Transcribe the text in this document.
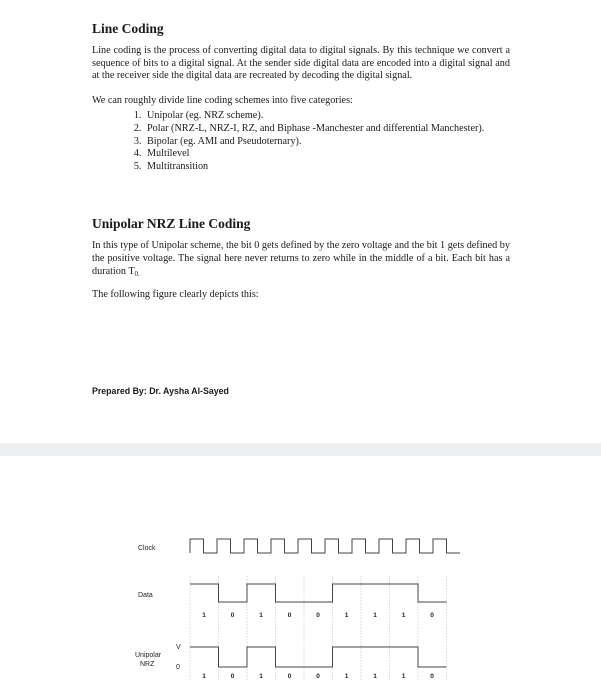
Line Coding

Line coding is the process of converting digital data to digital signals. By this technique we convert a sequence of bits to a digital signal. At the sender side digital data are encoded into a digital signal and at the receiver side the digital data are recreated by decoding the digital signal.

We can roughly divide line coding schemes into five categories:

1. Unipolar (eg. NRZ scheme).
2. Polar (NRZ-L, NRZ-I, RZ, and Biphase -Manchester and differential Manchester).
3. Bipolar (eg. AMI and Pseudoternary).
4. Multilevel
5. Multitransition
Unipolar NRZ Line Coding

In this type of Unipolar scheme, the bit 0 gets defined by the zero voltage and the bit 1 gets defined by the positive voltage. The signal here never returns to zero while in the middle of a bit. Each bit has a duration $T_{0.}$

The following figure clearly depicts this:

Prepared By: Dr. Aysha Al-Sayed
Clock
Data
Unipolar
NRZ
V
0
1	0	1	0	0	1	1	1	0
1	0	1	0	0	1	1	1	0
